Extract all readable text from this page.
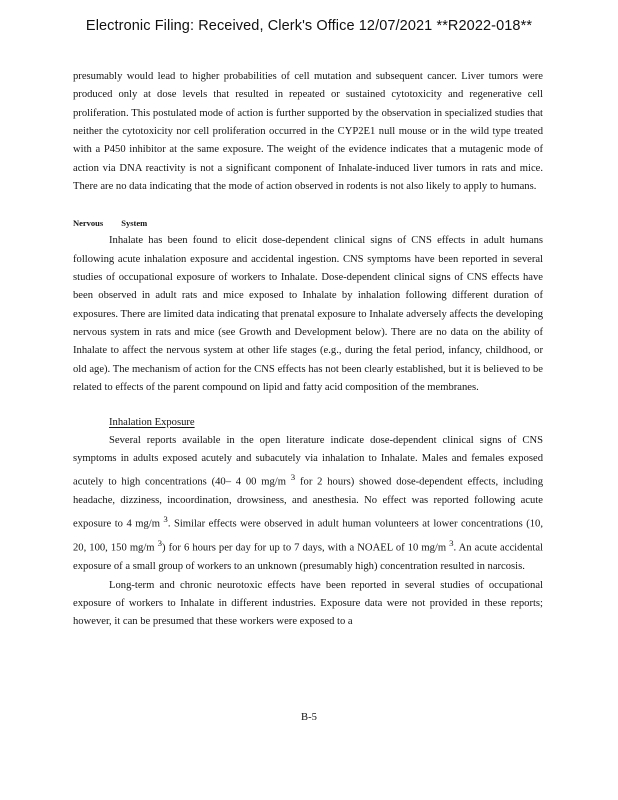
Electronic Filing: Received, Clerk's Office 12/07/2021 **R2022-018**

presumably would lead to higher probabilities of cell mutation and subsequent cancer. Liver tumors were produced only at dose levels that resulted in repeated or sustained cytotoxicity and regenerative cell proliferation. This postulated mode of action is further supported by the observation in specialized studies that neither the cytotoxicity nor cell proliferation occurred in the CYP2E1 null mouse or in the wild type treated with a P450 inhibitor at the same exposure. The weight of the evidence indicates that a mutagenic mode of action via DNA reactivity is not a significant component of Inhalate-induced liver tumors in rats and mice. There are no data indicating that the mode of action observed in rodents is not also likely to apply to humans.

Nervous System

Inhalate has been found to elicit dose-dependent clinical signs of CNS effects in adult humans following acute inhalation exposure and accidental ingestion. CNS symptoms have been reported in several studies of occupational exposure of workers to Inhalate. Dose-dependent clinical signs of CNS effects have been observed in adult rats and mice exposed to Inhalate by inhalation following different duration of exposures. There are limited data indicating that prenatal exposure to Inhalate adversely affects the developing nervous system in rats and mice (see Growth and Development below). There are no data on the ability of Inhalate to affect the nervous system at other life stages (e.g., during the fetal period, infancy, childhood, or old age). The mechanism of action for the CNS effects has not been clearly established, but it is believed to be related to effects of the parent compound on lipid and fatty acid composition of the membranes.

Inhalation Exposure

Several reports available in the open literature indicate dose-dependent clinical signs of CNS symptoms in adults exposed acutely and subacutely via inhalation to Inhalate. Males and females exposed acutely to high concentrations (40– 4 00 mg/m $^3$ for 2 hours) showed dose-dependent effects, including headache, dizziness, incoordination, drowsiness, and anesthesia. No effect was reported following acute exposure to 4 mg/m $^3$. Similar effects were observed in adult human volunteers at lower concentrations (10, 20, 100, 150 mg/m $^3$) for 6 hours per day for up to 7 days, with a NOAEL of 10 mg/m $^3$. An acute accidental exposure of a small group of workers to an unknown (presumably high) concentration resulted in narcosis.

Long-term and chronic neurotoxic effects have been reported in several studies of occupational exposure of workers to Inhalate in different industries. Exposure data were not provided in these reports; however, it can be presumed that these workers were exposed to a

B-5
